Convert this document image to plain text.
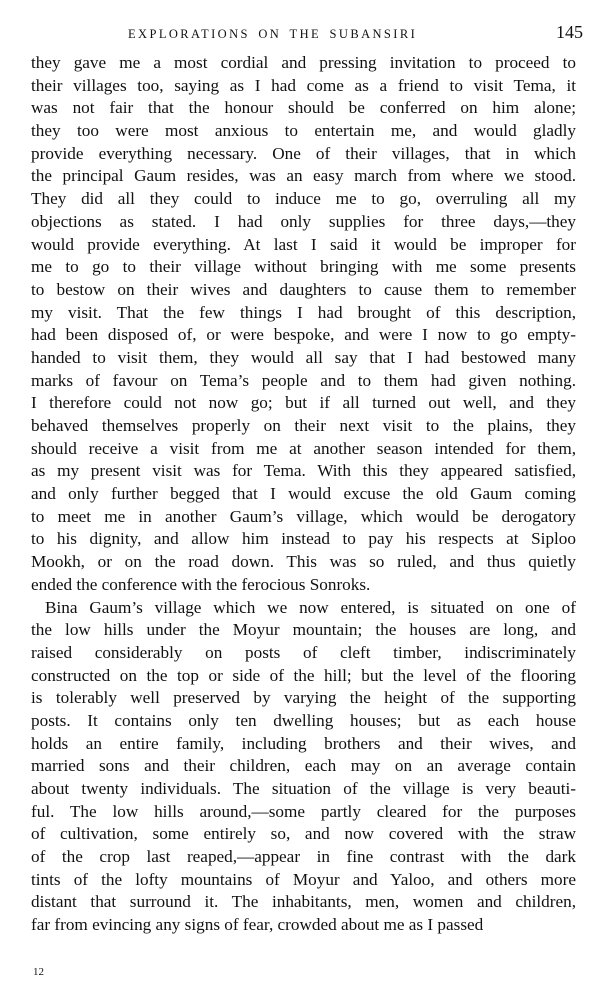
EXPLORATIONS ON THE SUBANSIRI	145
they gave me a most cordial and pressing invitation to proceed to
their villages too, saying as I had come as a friend to visit Tema, it
was not fair that the honour should be conferred on him alone;
they too were most anxious to entertain me, and would gladly
provide everything necessary. One of their villages, that in which
the principal Gaum resides, was an easy march from where we stood.
They did all they could to induce me to go, overruling all my
objections as stated. I had only supplies for three days,—they
would provide everything. At last I said it would be improper for
me to go to their village without bringing with me some presents
to bestow on their wives and daughters to cause them to remember
my visit. That the few things I had brought of this description,
had been disposed of, or were bespoke, and were I now to go empty-
handed to visit them, they would all say that I had bestowed many
marks of favour on Tema’s people and to them had given nothing.
I therefore could not now go; but if all turned out well, and they
behaved themselves properly on their next visit to the plains, they
should receive a visit from me at another season intended for them,
as my present visit was for Tema. With this they appeared satisfied,
and only further begged that I would excuse the old Gaum coming
to meet me in another Gaum’s village, which would be derogatory
to his dignity, and allow him instead to pay his respects at Siploo
Mookh, or on the road down. This was so ruled, and thus quietly
ended the conference with the ferocious Sonroks.
Bina Gaum’s village which we now entered, is situated on one of
the low hills under the Moyur mountain; the houses are long, and
raised considerably on posts of cleft timber, indiscriminately
constructed on the top or side of the hill; but the level of the flooring
is tolerably well preserved by varying the height of the supporting
posts. It contains only ten dwelling houses; but as each house
holds an entire family, including brothers and their wives, and
married sons and their children, each may on an average contain
about twenty individuals. The situation of the village is very beauti-
ful. The low hills around,—some partly cleared for the purposes
of cultivation, some entirely so, and now covered with the straw
of the crop last reaped,—appear in fine contrast with the dark
tints of the lofty mountains of Moyur and Yaloo, and others more
distant that surround it. The inhabitants, men, women and children,
far from evincing any signs of fear, crowded about me as I passed
12
